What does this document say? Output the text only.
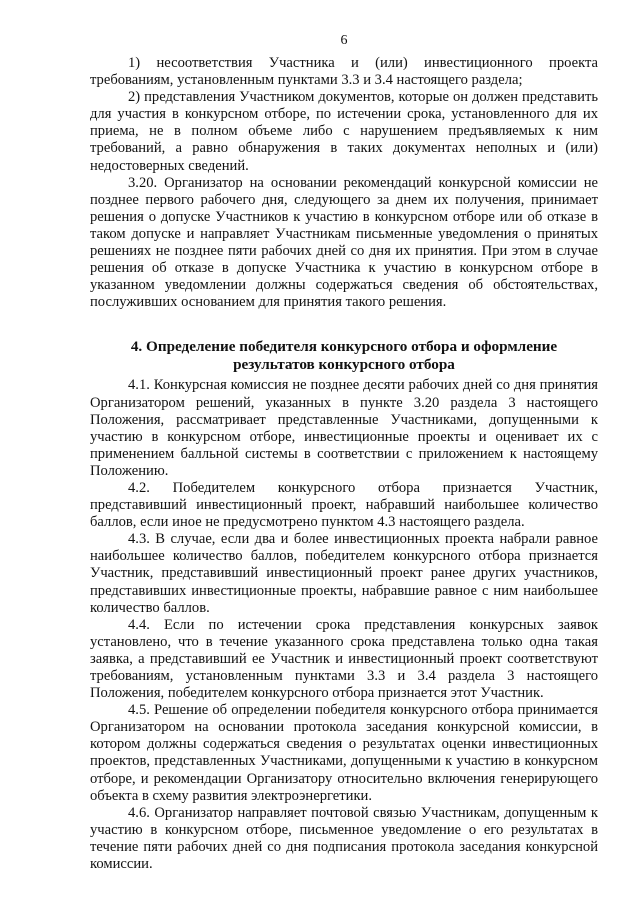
6

1) несоответствия Участника и (или) инвестиционного проекта требованиям, установленным пунктами 3.3 и 3.4 настоящего раздела;

2) представления Участником документов, которые он должен представить для участия в конкурсном отборе, по истечении срока, установленного для их приема, не в полном объеме либо с нарушением предъявляемых к ним требований, а равно обнаружения в таких документах неполных и (или) недостоверных сведений.

3.20. Организатор на основании рекомендаций конкурсной комиссии не позднее первого рабочего дня, следующего за днем их получения, принимает решения о допуске Участников к участию в конкурсном отборе или об отказе в таком допуске и направляет Участникам письменные уведомления о принятых решениях не позднее пяти рабочих дней со дня их принятия. При этом в случае решения об отказе в допуске Участника к участию в конкурсном отборе в указанном уведомлении должны содержаться сведения об обстоятельствах, послуживших основанием для принятия такого решения.

4. Определение победителя конкурсного отбора и оформление
результатов конкурсного отбора

4.1. Конкурсная комиссия не позднее десяти рабочих дней со дня принятия Организатором решений, указанных в пункте 3.20 раздела 3 настоящего Положения, рассматривает представленные Участниками, допущенными к участию в конкурсном отборе, инвестиционные проекты и оценивает их с применением балльной системы в соответствии с приложением к настоящему Положению.

4.2. Победителем конкурсного отбора признается Участник, представивший инвестиционный проект, набравший наибольшее количество баллов, если иное не предусмотрено пунктом 4.3 настоящего раздела.

4.3. В случае, если два и более инвестиционных проекта набрали равное наибольшее количество баллов, победителем конкурсного отбора признается Участник, представивший инвестиционный проект ранее других участников, представивших инвестиционные проекты, набравшие равное с ним наибольшее количество баллов.

4.4. Если по истечении срока представления конкурсных заявок установлено, что в течение указанного срока представлена только одна такая заявка, а представивший ее Участник и инвестиционный проект соответствуют требованиям, установленным пунктами 3.3 и 3.4 раздела 3 настоящего Положения, победителем конкурсного отбора признается этот Участник.

4.5. Решение об определении победителя конкурсного отбора принимается Организатором на основании протокола заседания конкурсной комиссии, в котором должны содержаться сведения о результатах оценки инвестиционных проектов, представленных Участниками, допущенными к участию в конкурсном отборе, и рекомендации Организатору относительно включения генерирующего объекта в схему развития электроэнергетики.

4.6. Организатор направляет почтовой связью Участникам, допущенным к участию в конкурсном отборе, письменное уведомление о его результатах в течение пяти рабочих дней со дня подписания протокола заседания конкурсной комиссии.
